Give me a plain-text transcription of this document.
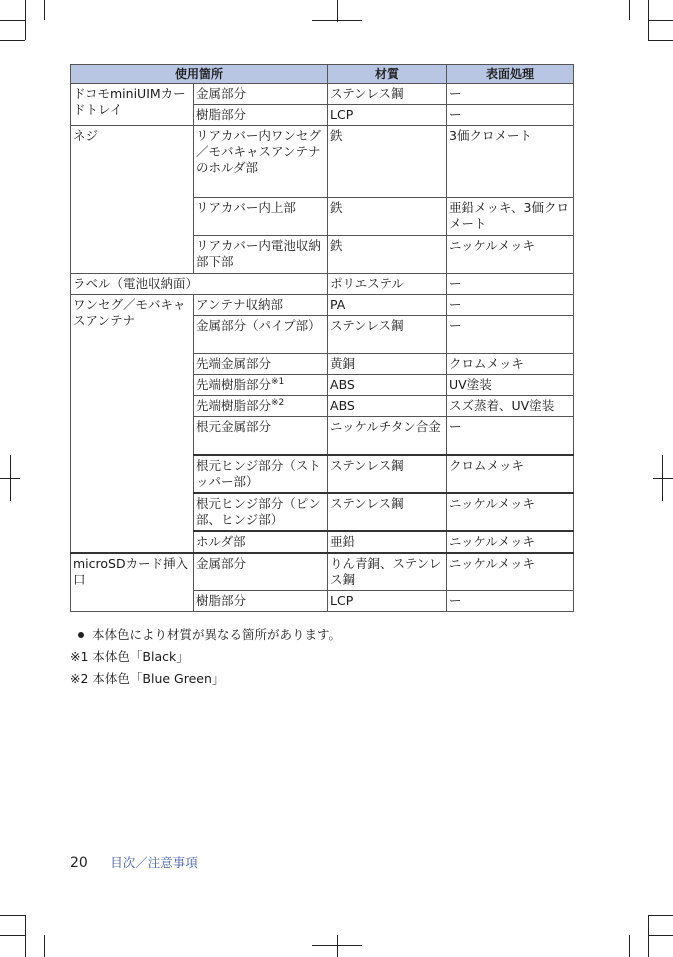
使用箇所		材質	表面処理
ドコモminiUIMカードトレイ	金属部分	ステンレス鋼	ー
	樹脂部分	LCP	ー
ネジ	リアカバー内ワンセグ／モバキャスアンテナのホルダ部	鉄	3価クロメート
	リアカバー内上部	鉄	亜鉛メッキ、3価クロメート
	リアカバー内電池収納部下部	鉄	ニッケルメッキ
ラベル（電池収納面）		ポリエステル	ー
ワンセグ／モバキャスアンテナ	アンテナ収納部	PA	ー
	金属部分（パイプ部）	ステンレス鋼	ー
	先端金属部分	黄銅	クロムメッキ
	先端樹脂部分$^{※1}$	ABS	UV塗装
	先端樹脂部分$^{※2}$	ABS	スズ蒸着、UV塗装
	根元金属部分	ニッケルチタン合金	ー
	根元ヒンジ部分（ストッパー部）	ステンレス鋼	クロムメッキ
	根元ヒンジ部分（ピン部、ヒンジ部）	ステンレス鋼	ニッケルメッキ
	ホルダ部	亜鉛	ニッケルメッキ
microSDカード挿入口	金属部分	りん青銅、ステンレス鋼	ニッケルメッキ
	樹脂部分	LCP	ー
本体色により材質が異なる箇所があります。
※1 本体色「Black」
※2 本体色「Blue Green」
20 目次／注意事項
